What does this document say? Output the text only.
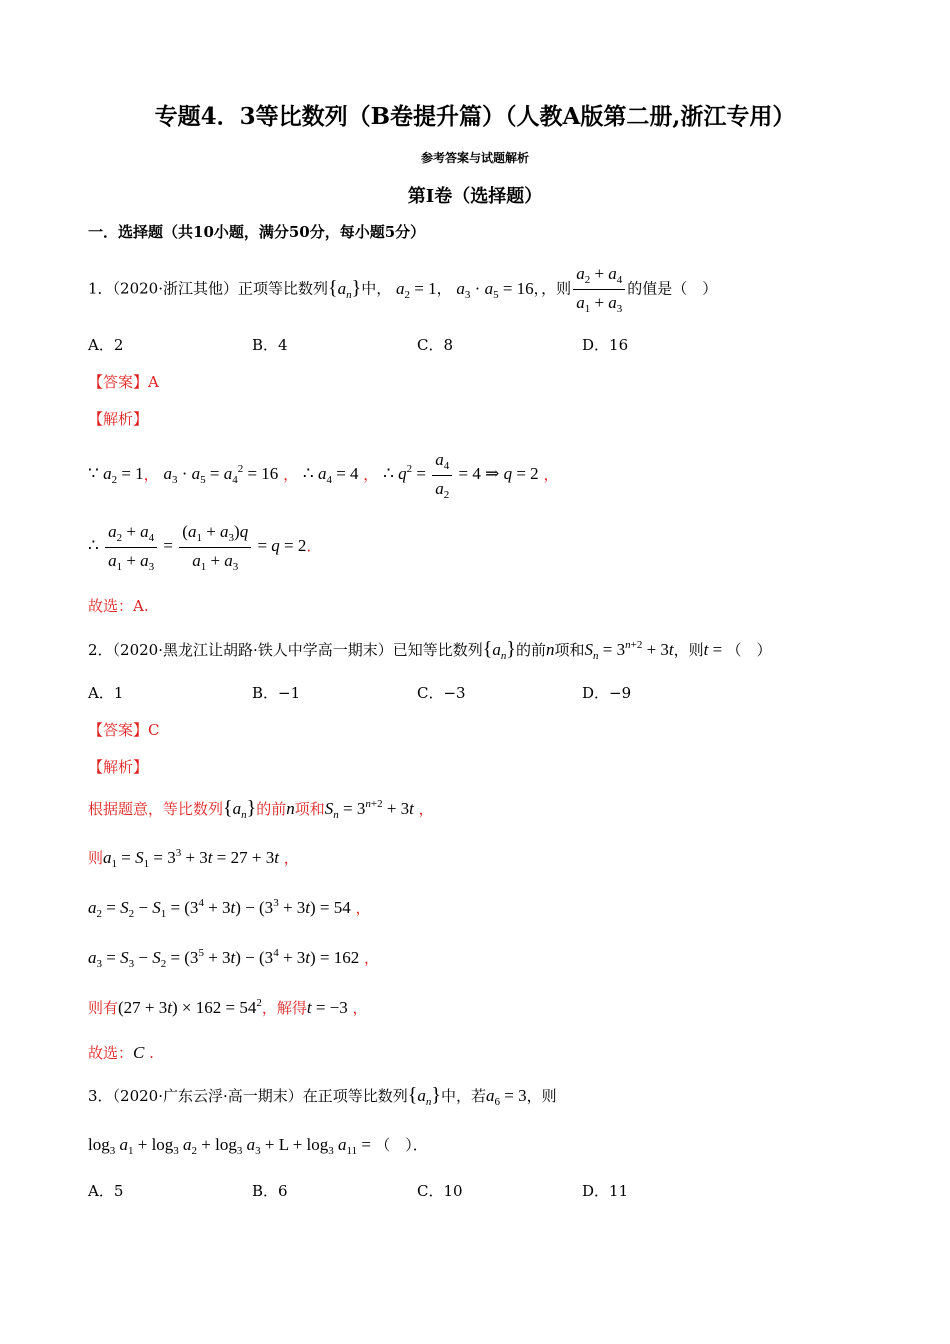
专题4．3等比数列（B卷提升篇）（人教A版第二册,浙江专用）
参考答案与试题解析
第Ⅰ卷（选择题）
一．选择题（共10小题，满分50分，每小题5分）
1．（2020·浙江其他）正项等比数列$\{a_n\}$中， $a_2 = 1$， $a_3 \cdot a_5 = 16$，，则 $\frac{a_2 + a_4}{a_1 + a_3}$ 的值是（　）
A．2	B．4	C．8	D．16
【答案】A
【解析】
∵ $a_2 = 1$， $a_3 \cdot a_5 = a_4^2 = 16$ ， ∴ $a_4 = 4$ ， ∴ $q^2 = \frac{a_4}{a_2} = 4$ ⇒ q = 2 ，
∴ $\frac{a_2 + a_4}{a_1 + a_3} = \frac{(a_1 + a_3)q}{a_1 + a_3} = q = 2$.
故选：A.
2．（2020·黑龙江让胡路·铁人中学高一期末）已知等比数列$\{a_n\}$的前n项和$S_n = 3^{n+2} + 3t$，则t = （　）
A．1	B．−1	C．−3	D．−9
【答案】C
【解析】
根据题意，等比数列$\{a_n\}$的前n项和$S_n = 3^{n+2} + 3t$ ，
则$a_1 = S_1 = 3^3 + 3t = 27 + 3t$ ，
$a_2 = S_2 - S_1 = (3^4 + 3t) - (3^3 + 3t) = 54$ ，
$a_3 = S_3 - S_2 = (3^5 + 3t) - (3^4 + 3t) = 162$ ，
则有$(27 + 3t) \times 162 = 54^2$，解得t = −3 ，
故选：C .
3．（2020·广东云浮·高一期末）在正项等比数列$\{a_n\}$中，若$a_6 = 3$，则
$\log_3 a_1 + \log_3 a_2 + \log_3 a_3 + L + \log_3 a_{11}$ = （　）．
A．5	B．6	C．10	D．11
